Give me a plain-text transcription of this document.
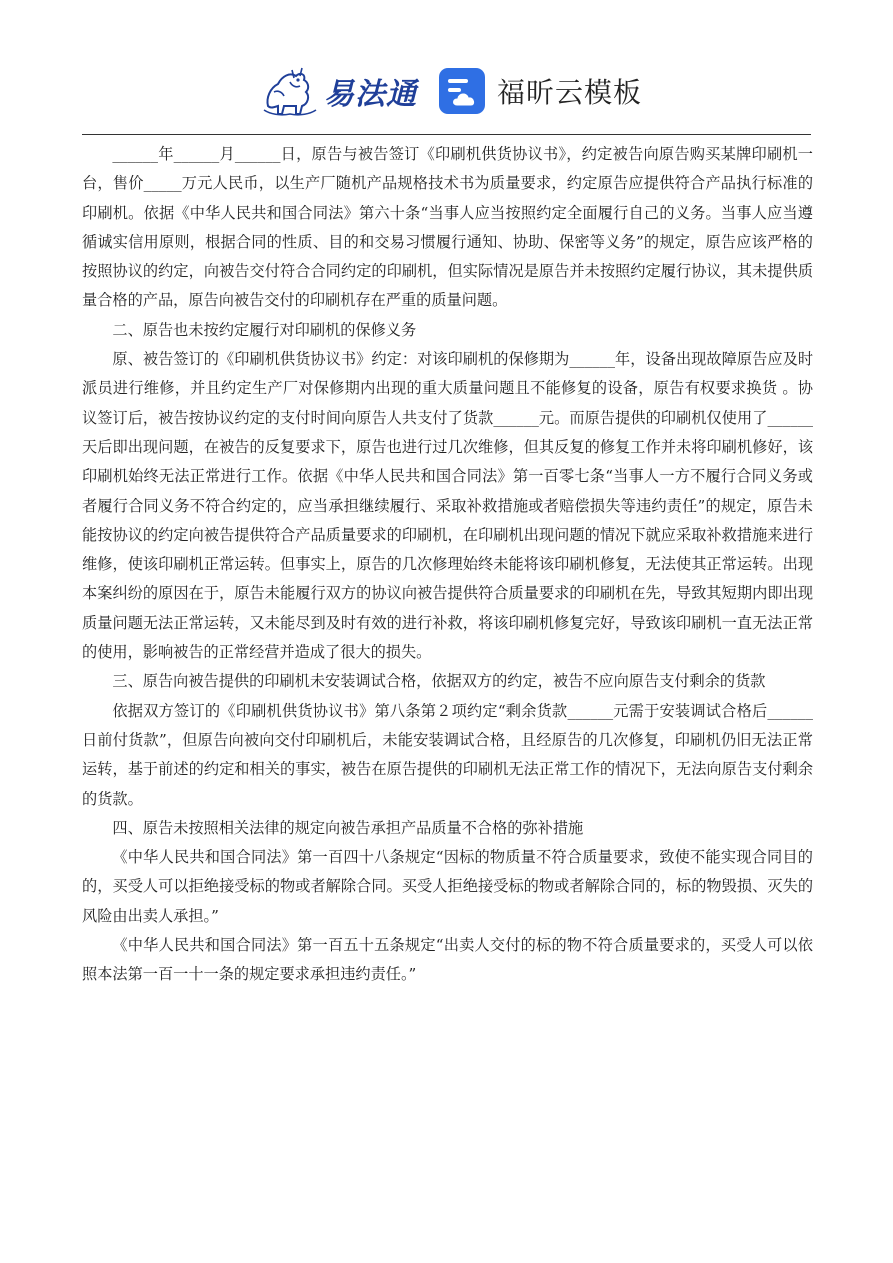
易法通	福昕云模板

______年______月______日，原告与被告签订《印刷机供货协议书》，约定被告向原告购买某牌印刷机一台，售价_____万元人民币，以生产厂随机产品规格技术书为质量要求，约定原告应提供符合产品执行标准的印刷机。依据《中华人民共和国合同法》第六十条“当事人应当按照约定全面履行自己的义务。当事人应当遵循诚实信用原则，根据合同的性质、目的和交易习惯履行通知、协助、保密等义务”的规定，原告应该严格的按照协议的约定，向被告交付符合合同约定的印刷机，但实际情况是原告并未按照约定履行协议，其未提供质量合格的产品，原告向被告交付的印刷机存在严重的质量问题。

二、原告也未按约定履行对印刷机的保修义务

原、被告签订的《印刷机供货协议书》约定：对该印刷机的保修期为______年，设备出现故障原告应及时派员进行维修，并且约定生产厂对保修期内出现的重大质量问题且不能修复的设备，原告有权要求换货 。协议签订后，被告按协议约定的支付时间向原告人共支付了货款______元。而原告提供的印刷机仅使用了______天后即出现问题，在被告的反复要求下，原告也进行过几次维修，但其反复的修复工作并未将印刷机修好，该印刷机始终无法正常进行工作。依据《中华人民共和国合同法》第一百零七条“当事人一方不履行合同义务或者履行合同义务不符合约定的，应当承担继续履行、采取补救措施或者赔偿损失等违约责任”的规定，原告未能按协议的约定向被告提供符合产品质量要求的印刷机，在印刷机出现问题的情况下就应采取补救措施来进行维修，使该印刷机正常运转。但事实上，原告的几次修理始终未能将该印刷机修复，无法使其正常运转。出现本案纠纷的原因在于，原告未能履行双方的协议向被告提供符合质量要求的印刷机在先，导致其短期内即出现质量问题无法正常运转，又未能尽到及时有效的进行补救，将该印刷机修复完好，导致该印刷机一直无法正常的使用，影响被告的正常经营并造成了很大的损失。

三、原告向被告提供的印刷机未安装调试合格，依据双方的约定，被告不应向原告支付剩余的货款

依据双方签订的《印刷机供货协议书》第八条第２项约定“剩余货款______元需于安装调试合格后______日前付货款”，但原告向被向交付印刷机后，未能安装调试合格，且经原告的几次修复，印刷机仍旧无法正常运转，基于前述的约定和相关的事实，被告在原告提供的印刷机无法正常工作的情况下，无法向原告支付剩余的货款。

四、原告未按照相关法律的规定向被告承担产品质量不合格的弥补措施

《中华人民共和国合同法》第一百四十八条规定“因标的物质量不符合质量要求，致使不能实现合同目的的，买受人可以拒绝接受标的物或者解除合同。买受人拒绝接受标的物或者解除合同的，标的物毁损、灭失的风险由出卖人承担。”

《中华人民共和国合同法》第一百五十五条规定“出卖人交付的标的物不符合质量要求的，买受人可以依照本法第一百一十一条的规定要求承担违约责任。”
